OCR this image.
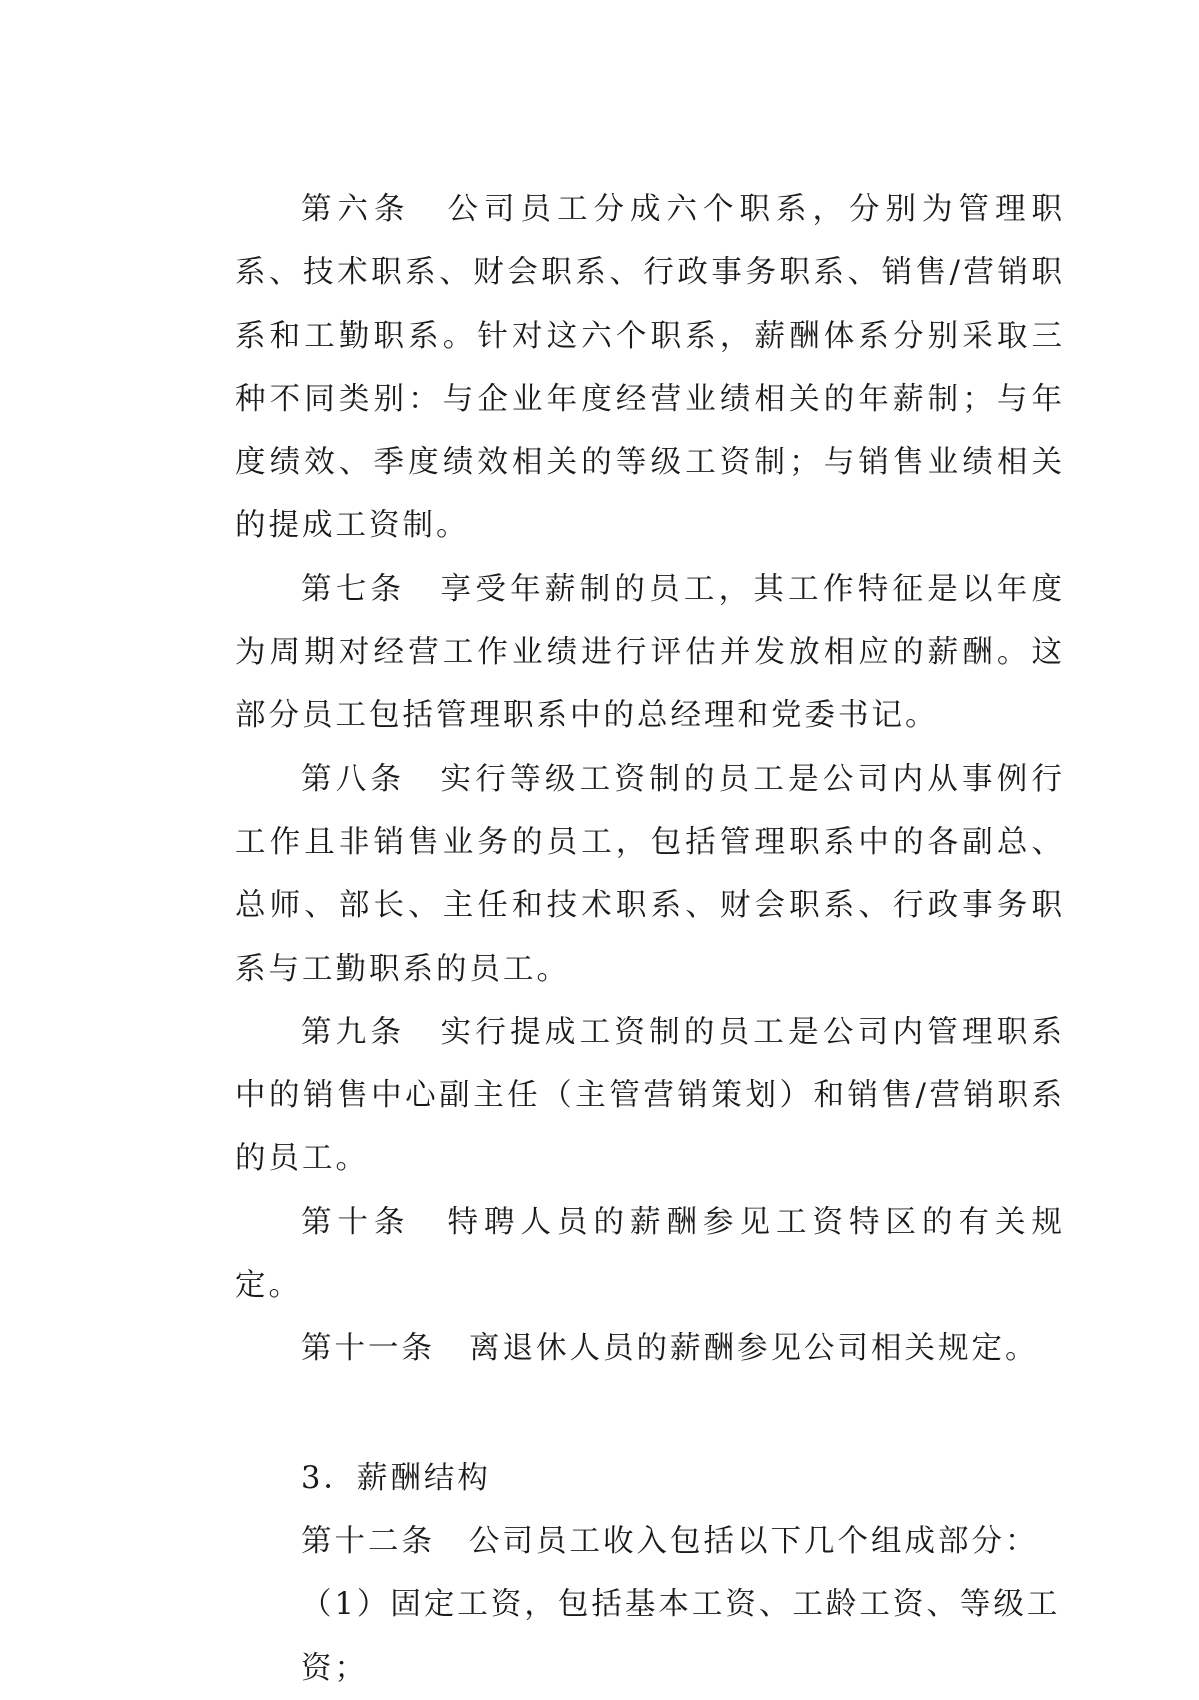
第六条 公司员工分成六个职系，分别为管理职系、技术职系、财会职系、行政事务职系、销售/营销职系和工勤职系。针对这六个职系，薪酬体系分别采取三种不同类别：与企业年度经营业绩相关的年薪制；与年度绩效、季度绩效相关的等级工资制；与销售业绩相关的提成工资制。

第七条 享受年薪制的员工，其工作特征是以年度为周期对经营工作业绩进行评估并发放相应的薪酬。这部分员工包括管理职系中的总经理和党委书记。

第八条 实行等级工资制的员工是公司内从事例行工作且非销售业务的员工，包括管理职系中的各副总、总师、部长、主任和技术职系、财会职系、行政事务职系与工勤职系的员工。

第九条 实行提成工资制的员工是公司内管理职系中的销售中心副主任（主管营销策划）和销售/营销职系的员工。

第十条 特聘人员的薪酬参见工资特区的有关规定。

第十一条 离退休人员的薪酬参见公司相关规定。

3．薪酬结构

第十二条 公司员工收入包括以下几个组成部分：

（1）固定工资，包括基本工资、工龄工资、等级工资；
